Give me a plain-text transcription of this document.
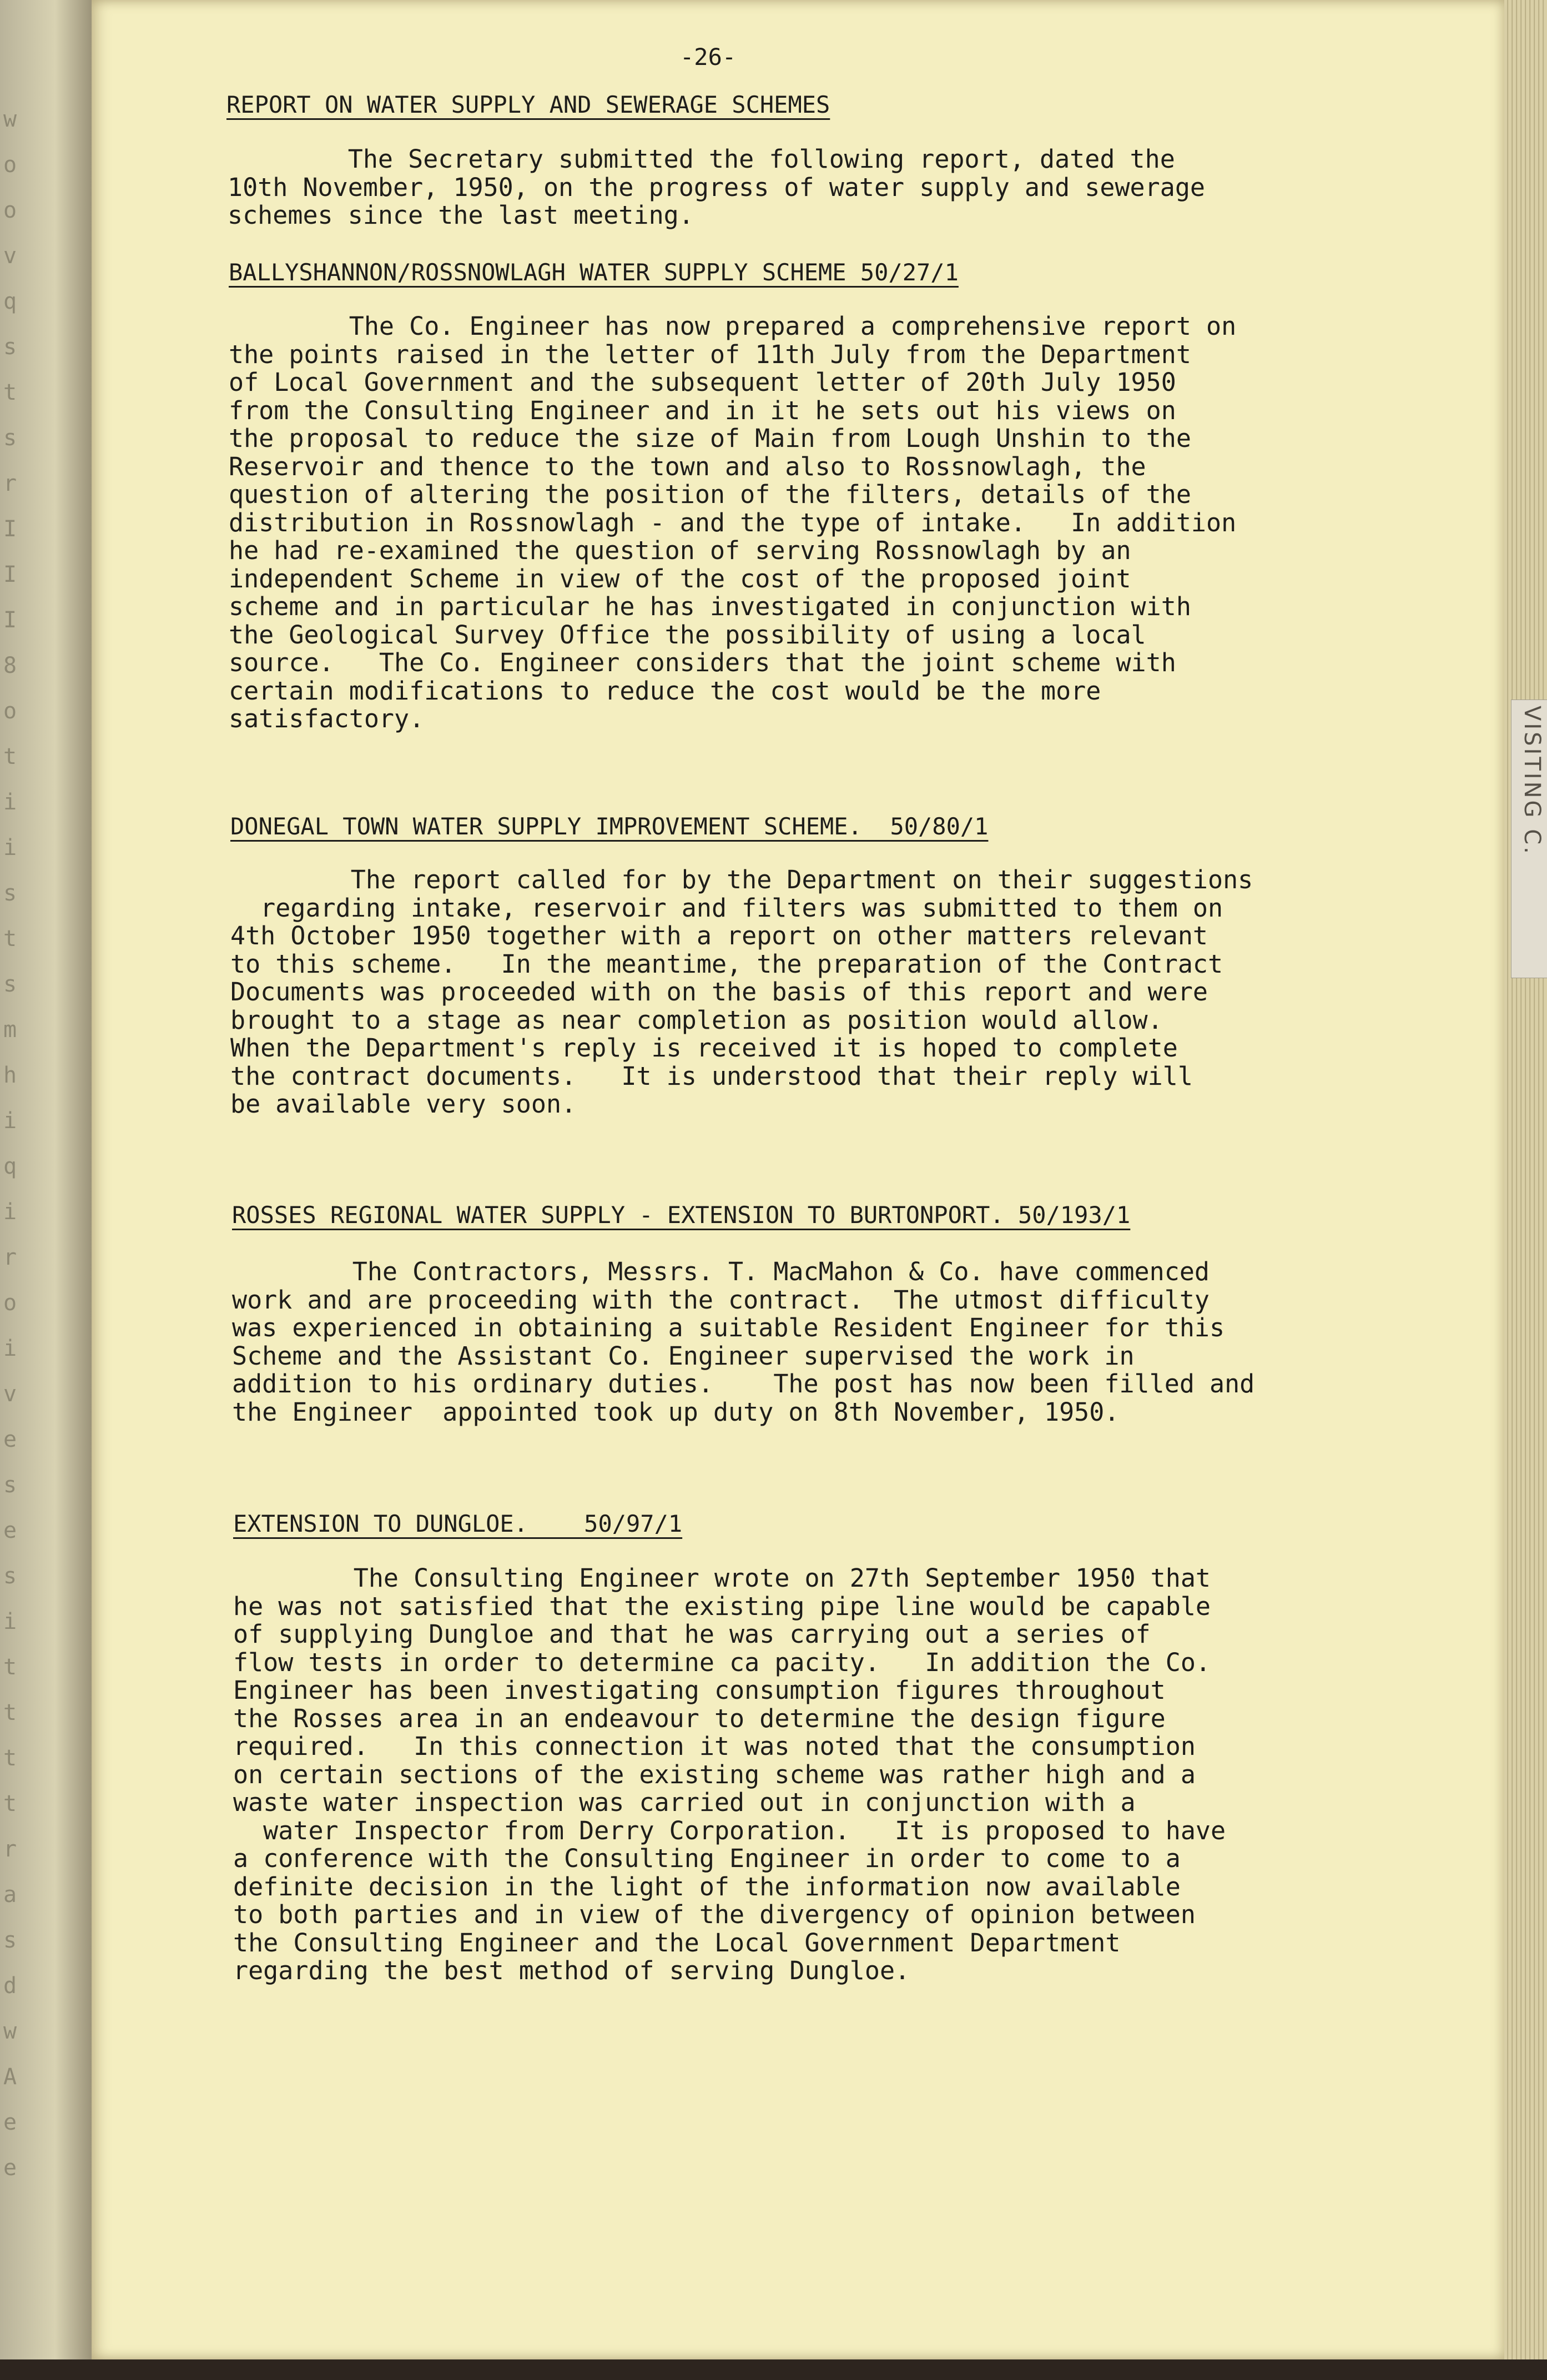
w
o
o
v
q
s
t
s
r
I
I
I
8
o
t
i
i
s
t
s
m
h
i
q
i
r
o
i
v
e
s
e
s
i
t
t
t
t
r
a
s
d
w
A
e
e
VISITING C.
-26-
REPORT ON WATER SUPPLY AND SEWERAGE SCHEMES
The Secretary submitted the following report, dated the
10th November, 1950, on the progress of water supply and sewerage
schemes since the last meeting.
BALLYSHANNON/ROSSNOWLAGH WATER SUPPLY SCHEME 50/27/1
The Co. Engineer has now prepared a comprehensive report on
the points raised in the letter of 11th July from the Department
of Local Government and the subsequent letter of 20th July 1950
from the Consulting Engineer and in it he sets out his views on
the proposal to reduce the size of Main from Lough Unshin to the
Reservoir and thence to the town and also to Rossnowlagh, the
question of altering the position of the filters, details of the
distribution in Rossnowlagh - and the type of intake.   In addition
he had re-examined the question of serving Rossnowlagh by an
independent Scheme in view of the cost of the proposed joint
scheme and in particular he has investigated in conjunction with
the Geological Survey Office the possibility of using a local
source.   The Co. Engineer considers that the joint scheme with
certain modifications to reduce the cost would be the more
satisfactory.
DONEGAL TOWN WATER SUPPLY IMPROVEMENT SCHEME.  50/80/1
The report called for by the Department on their suggestions
regarding intake, reservoir and filters was submitted to them on
4th October 1950 together with a report on other matters relevant
to this scheme.   In the meantime, the preparation of the Contract
Documents was proceeded with on the basis of this report and were
brought to a stage as near completion as position would allow.
When the Department's reply is received it is hoped to complete
the contract documents.   It is understood that their reply will
be available very soon.
ROSSES REGIONAL WATER SUPPLY - EXTENSION TO BURTONPORT. 50/193/1
The Contractors, Messrs. T. MacMahon & Co. have commenced
work and are proceeding with the contract.  The utmost difficulty
was experienced in obtaining a suitable Resident Engineer for this
Scheme and the Assistant Co. Engineer supervised the work in
addition to his ordinary duties.    The post has now been filled and
the Engineer  appointed took up duty on 8th November, 1950.
EXTENSION TO DUNGLOE.    50/97/1
The Consulting Engineer wrote on 27th September 1950 that
he was not satisfied that the existing pipe line would be capable
of supplying Dungloe and that he was carrying out a series of
flow tests in order to determine ca pacity.   In addition the Co.
Engineer has been investigating consumption figures throughout
the Rosses area in an endeavour to determine the design figure
required.   In this connection it was noted that the consumption
on certain sections of the existing scheme was rather high and a
waste water inspection was carried out in conjunction with a
water Inspector from Derry Corporation.   It is proposed to have
a conference with the Consulting Engineer in order to come to a
definite decision in the light of the information now available
to both parties and in view of the divergency of opinion between
the Consulting Engineer and the Local Government Department
regarding the best method of serving Dungloe.
